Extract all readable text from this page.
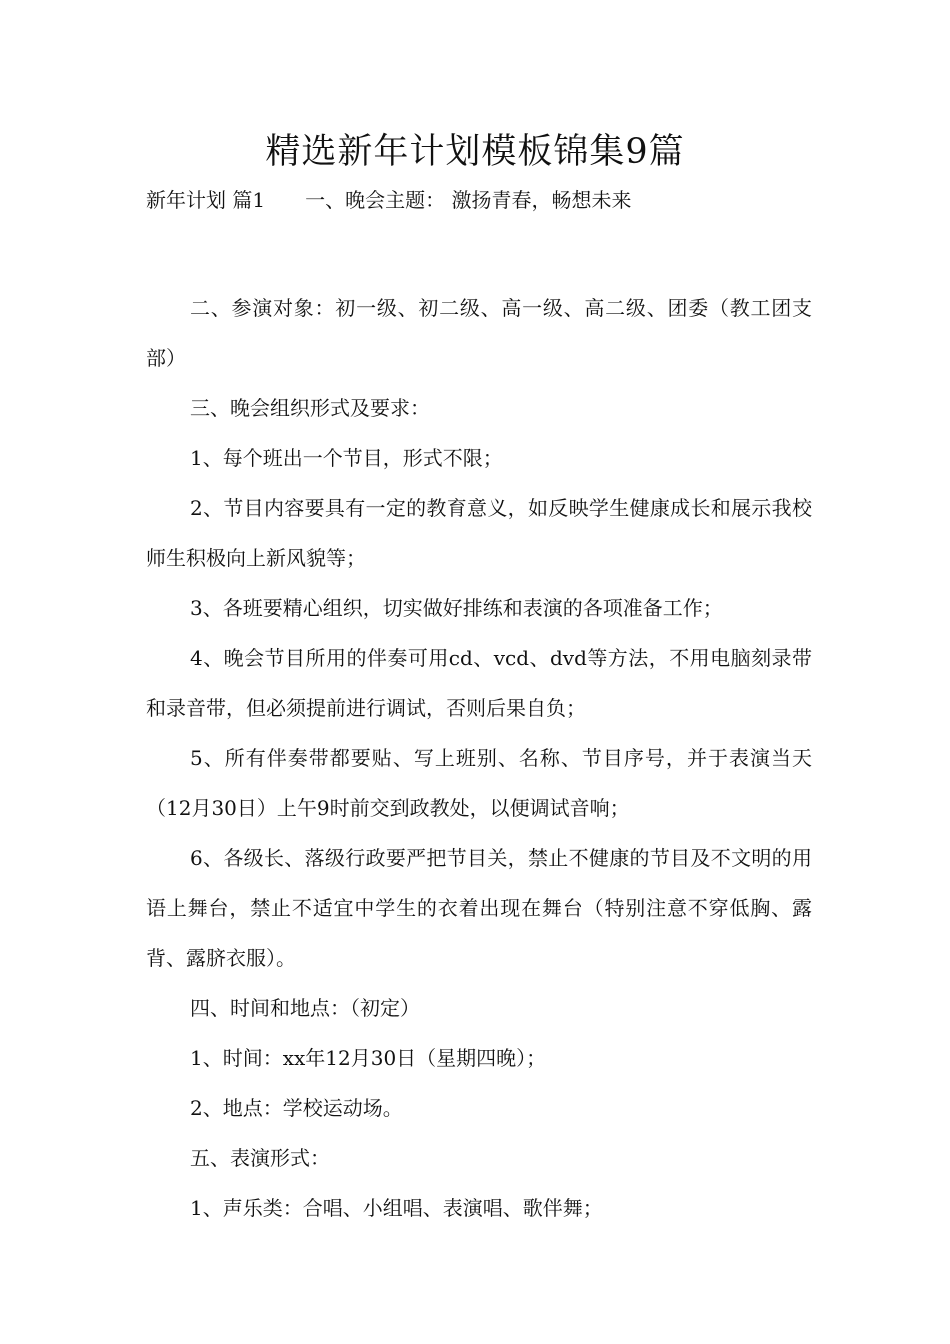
精选新年计划模板锦集9篇
新年计划 篇1 一、晚会主题： 激扬青春，畅想未来

二、参演对象：初一级、初二级、高一级、高二级、团委（教工团支部）

三、晚会组织形式及要求：

1、每个班出一个节目，形式不限；

2、节目内容要具有一定的教育意义，如反映学生健康成长和展示我校师生积极向上新风貌等；

3、各班要精心组织，切实做好排练和表演的各项准备工作；

4、晚会节目所用的伴奏可用cd、vcd、dvd等方法，不用电脑刻录带和录音带，但必须提前进行调试，否则后果自负；

5、所有伴奏带都要贴、写上班别、名称、节目序号，并于表演当天（12月30日）上午9时前交到政教处，以便调试音响；

6、各级长、落级行政要严把节目关，禁止不健康的节目及不文明的用语上舞台，禁止不适宜中学生的衣着出现在舞台（特别注意不穿低胸、露背、露脐衣服）。

四、时间和地点：（初定）

1、时间：xx年12月30日（星期四晚）；

2、地点：学校运动场。

五、表演形式：

1、声乐类：合唱、小组唱、表演唱、歌伴舞；
